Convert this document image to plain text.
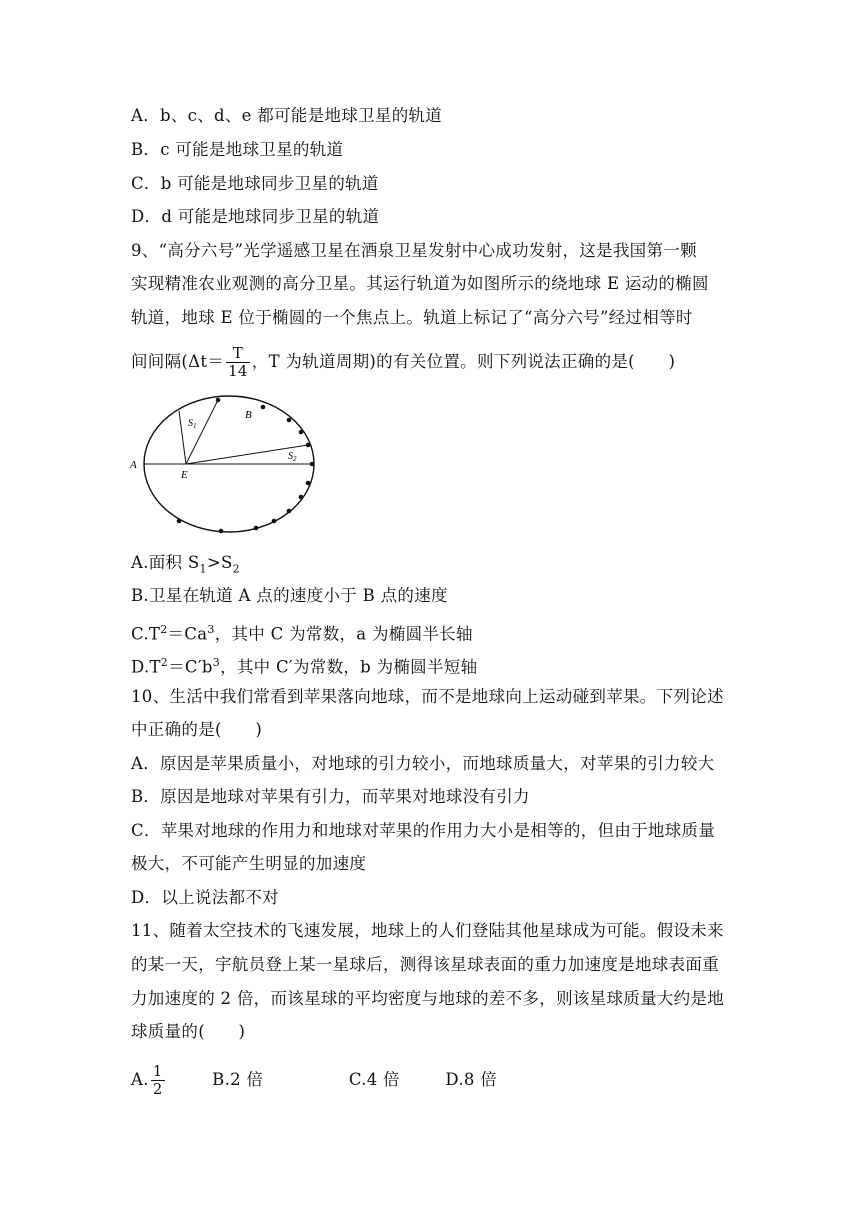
A．b、c、d、e 都可能是地球卫星的轨道
B．c 可能是地球卫星的轨道
C．b 可能是地球同步卫星的轨道
D．d 可能是地球同步卫星的轨道
9、“高分六号”光学遥感卫星在酒泉卫星发射中心成功发射，这是我国第一颗
实现精准农业观测的高分卫星。其运行轨道为如图所示的绕地球 E 运动的椭圆
轨道，地球 E 位于椭圆的一个焦点上。轨道上标记了“高分六号”经过相等时
间间隔($\Delta t= \frac{T}{14}$ ，T 为轨道周期)的有关位置。则下列说法正确的是(　　)
A
B
E
$S_1$
$S_2$
A.面积 $S_1>S_2$
B.卫星在轨道 A 点的速度小于 B 点的速度
$C.T^2=Ca^3$，其中 C 为常数，a 为椭圆半长轴
$D.T^2=C'b^3$，其中 C′为常数，b 为椭圆半短轴
10、生活中我们常看到苹果落向地球，而不是地球向上运动碰到苹果。下列论述
中正确的是(　　)
A．原因是苹果质量小，对地球的引力较小，而地球质量大，对苹果的引力较大
B．原因是地球对苹果有引力，而苹果对地球没有引力
C．苹果对地球的作用力和地球对苹果的作用力大小是相等的，但由于地球质量
极大，不可能产生明显的加速度
D．以上说法都不对
11、随着太空技术的飞速发展，地球上的人们登陆其他星球成为可能。假设未来
的某一天，宇航员登上某一星球后，测得该星球表面的重力加速度是地球表面重
力加速度的 2 倍，而该星球的平均密度与地球的差不多，则该星球质量大约是地
球质量的(　　)
A. $\frac{1}{2}$	B.2 倍	C.4 倍	D.8 倍
